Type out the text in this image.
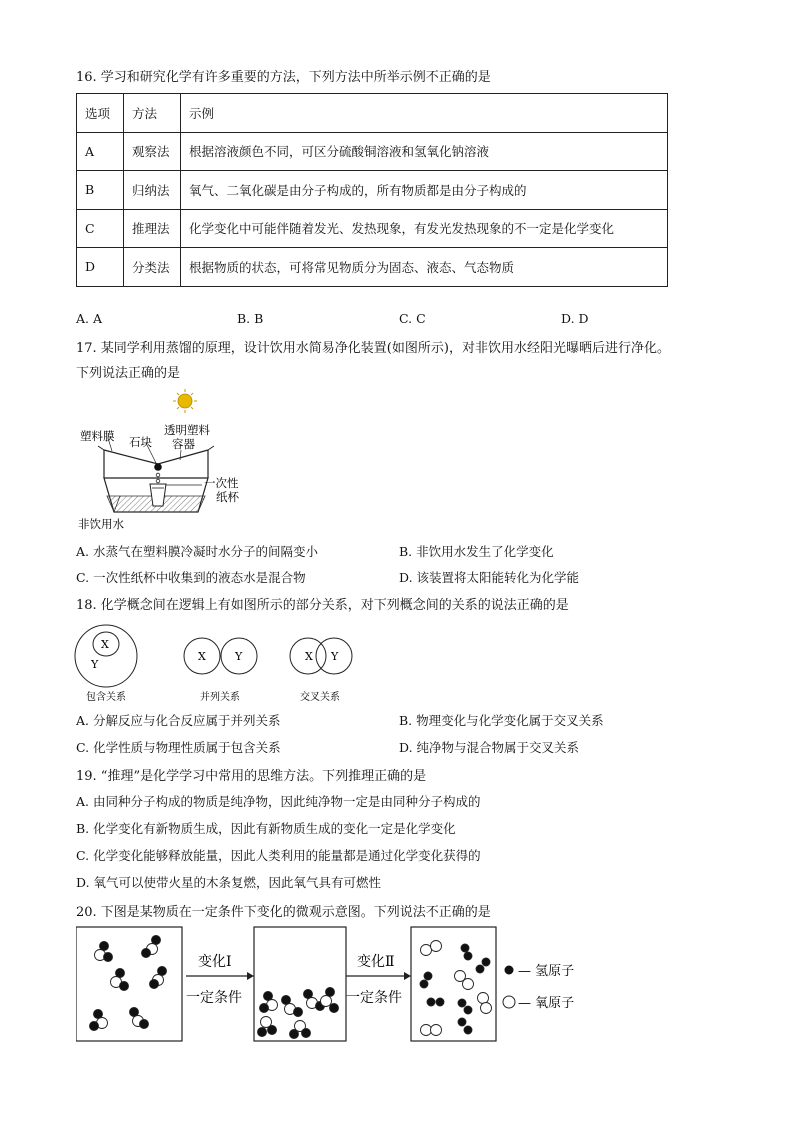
16. 学习和研究化学有许多重要的方法，下列方法中所举示例不正确的是
选项	方法	示例
A	观察法	根据溶液颜色不同，可区分硫酸铜溶液和氢氧化钠溶液
B	归纳法	氧气、二氧化碳是由分子构成的，所有物质都是由分子构成的
C	推理法	化学变化中可能伴随着发光、发热现象，有发光发热现象的不一定是化学变化
D	分类法	根据物质的状态，可将常见物质分为固态、液态、气态物质
A. A	B. B	C. C	D. D
17. 某同学利用蒸馏的原理，设计饮用水简易净化装置(如图所示)，对非饮用水经阳光曝晒后进行净化。
下列说法正确的是
塑料膜 石块
透明塑料
容器
一次性
纸杯
非饮用水
A. 水蒸气在塑料膜冷凝时水分子的间隔变小	B. 非饮用水发生了化学变化
C. 一次性纸杯中收集到的液态水是混合物	D. 该装置将太阳能转化为化学能
18. 化学概念间在逻辑上有如图所示的部分关系，对下列概念间的关系的说法正确的是
X
Y
包含关系
X	Y
并列关系
X Y
交叉关系
A. 分解反应与化合反应属于并列关系	B. 物理变化与化学变化属于交叉关系
C. 化学性质与物理性质属于包含关系	D. 纯净物与混合物属于交叉关系
19. “推理”是化学学习中常用的思维方法。下列推理正确的是
A. 由同种分子构成的物质是纯净物，因此纯净物一定是由同种分子构成的
B. 化学变化有新物质生成，因此有新物质生成的变化一定是化学变化
C. 化学变化能够释放能量，因此人类利用的能量都是通过化学变化获得的
D. 氧气可以使带火星的木条复燃，因此氧气具有可燃性
20. 下图是某物质在一定条件下变化的微观示意图。下列说法不正确的是
变化Ⅰ
一定条件
变化Ⅱ
一定条件
— 氢原子
— 氧原子
